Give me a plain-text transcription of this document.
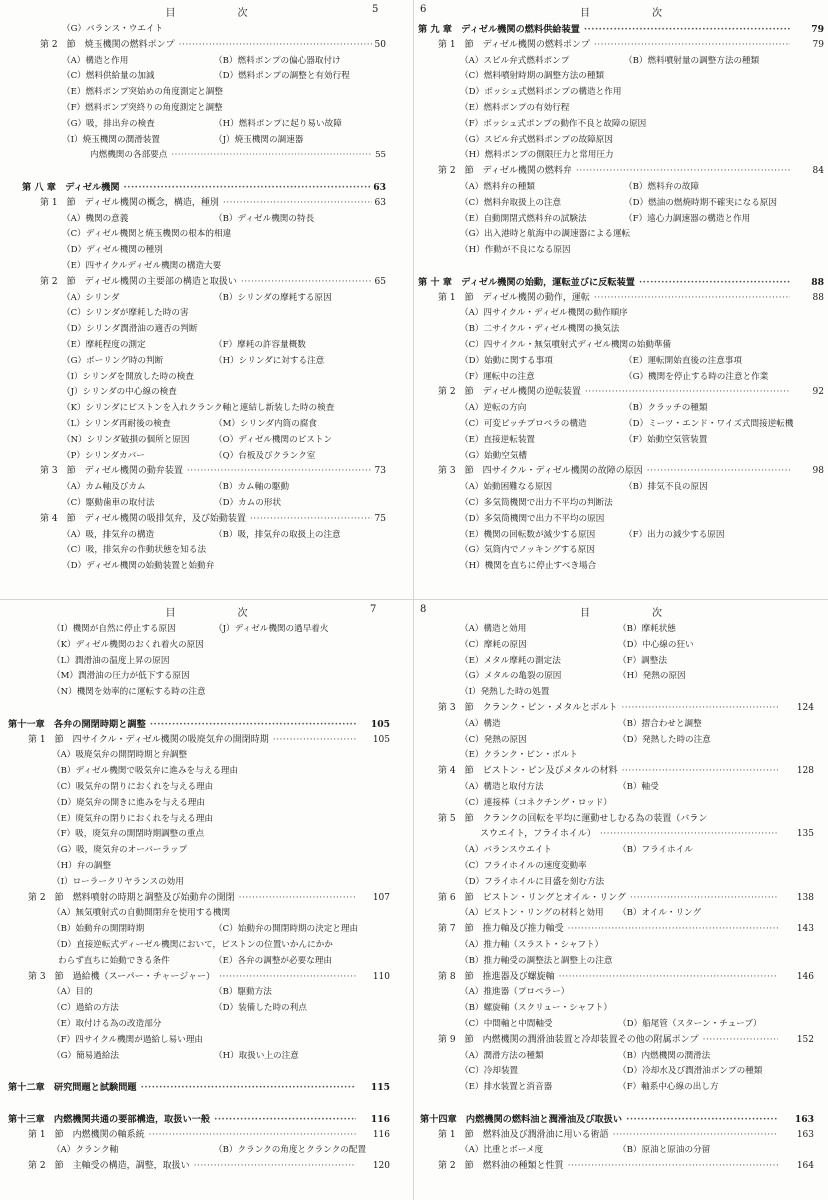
目　次	5
（G）バランス・ウエイト
第 2　節　焼玉機関の燃料ポンプ ·····	50
（A）構造と作用	（B）燃料ポンプの偏心器取付け
（C）燃料供給量の加減	（D）燃料ポンプの調整と有効行程
（E）燃料ポンプ突始めの角度測定と調整
（F）燃料ポンプ突終りの角度測定と調整
（G）吸，排出弁の検査	（H）燃料ポンプに起り易い故障
（I）焼玉機関の潤滑装置	（J）焼玉機関の調速器
内燃機関の各部要点 ·····	55
第 八 章　ディゼル機関 ·····	63
第 1　節　ディゼル機関の概念，構造，種別 ·····	63
（A）機関の意義	（B）ディゼル機関の特長
（C）ディゼル機関と焼玉機関の根本的相違
（D）ディゼル機関の種別
（E）四サイクルディゼル機関の構造大要
第 2　節　ディゼル機関の主要部の構造と取扱い ·····	65
（A）シリンダ	（B）シリンダの摩耗する原因
（C）シリンダが摩耗した時の害
（D）シリンダ潤滑油の適否の判断
（E）摩耗程度の測定	（F）摩耗の許容量概数
（G）ボーリング時の判断	（H）シリンダに対する注意
（I）シリンダを開放した時の検査
（J）シリンダの中心線の検査
（K）シリンダにピストンを入れクランク軸と連結し新装した時の検査
（L）シリンダ再耐後の検査	（M）シリンダ内筒の腐食
（N）シリンダ破損の個所と原因	（O）ディゼル機関のピストン
（P）シリンダカバー	（Q）台板及びクランク室
第 3　節　ディゼル機関の動弁装置 ·····	73
（A）カム軸及びカム	（B）カム軸の駆動
（C）駆動歯車の取付法	（D）カムの形状
第 4　節　ディゼル機関の吸排気弁，及び始動装置 ·····	75
（A）吸，排気弁の構造	（B）吸，排気弁の取扱上の注意
（C）吸，排気弁の作動状態を知る法
（D）ディゼル機関の始動装置と始動弁
目　次
6
第 九 章　ディゼル機関の燃料供給装置 ·····	79
第 1　節　ディゼル機関の燃料ポンプ ·····	79
（A）スピル弁式燃料ポンプ	（B）燃料噴射量の調整方法の種類
（C）燃料噴射時期の調整方法の種類
（D）ボッシュ式燃料ポンプの構造と作用
（E）燃料ポンプの有効行程
（F）ボッシュ式ポンプの動作不良と故障の原因
（G）スピル弁式燃料ポンプの故障原因
（H）燃料ポンプの側限圧力と常用圧力
第 2　節　ディゼル機関の燃料弁 ·····	84
（A）燃料弁の種類	（B）燃料弁の故障
（C）燃料弁取扱上の注意	（D）燃油の燃焼時期不確実になる原因
（E）自動開閉式燃料弁の試験法	（F）遠心力調速器の構造と作用
（G）出入港時と航海中の調速器による運転
（H）作動が不良になる原因
第 十 章　ディゼル機関の始動，運転並びに反転装置 ·····	88
第 1　節　ディゼル機関の動作，運転 ·····	88
（A）四サイクル・ディゼル機関の動作順序
（B）二サイクル・ディゼル機関の換気法
（C）四サイクル・無気噴射式ディゼル機関の始動準備
（D）始動に関する事項	（E）運転開始直後の注意事項
（F）運転中の注意	（G）機関を停止する時の注意と作業
第 2　節　ディゼル機関の逆転装置 ·····	92
（A）逆転の方向	（B）クラッチの種類
（C）可変ピッチプロペラの構造	（D）ミーツ・エンド・ワイズ式間接逆転機
（E）直接逆転装置	（F）始動空気管装置
（G）始動空気槽
第 3　節　四サイクル・ディゼル機関の故障の原因 ·····	98
（A）始動困難なる原因	（B）排気不良の原因
（C）多気筒機関で出力不平均の判断法
（D）多気筒機関で出力不平均の原因
（E）機関の回転数が減少する原因	（F）出力の減少する原因
（G）気筒内でノッキングする原因
（H）機関を直ちに停止すべき場合
目　次	7
（I）機関が自然に停止する原因	（J）ディゼル機関の過早着火
（K）ディゼル機関のおくれ着火の原因
（L）潤滑油の温度上昇の原因
（M）潤滑油の圧力が低下する原因
（N）機関を効率的に運転する時の注意
第十一章　各弁の開閉時期と調整 ·····	105
第 1　節　四サイクル・ディゼル機関の吸廃気弁の開閉時期 ·····	105
（A）吸廃気弁の開閉時期と弁調整
（B）ディゼル機関で吸気弁に進みを与える理由
（C）吸気弁の閉りにおくれを与える理由
（D）廃気弁の開きに進みを与える理由
（E）廃気弁の閉りにおくれを与える理由
（F）吸，廃気弁の開閉時期調整の重点
（G）吸，廃気弁のオーバーラップ
（H）弁の調整
（I）ローラークリヤランスの効用
第 2　節　燃料噴射の時期と調整及び始動弁の開閉 ·····	107
（A）無気噴射式の自動開閉弁を使用する機関
（B）始動弁の開閉時期	（C）始動弁の開閉時期の決定と理由
（D）直接逆転式ディーゼル機関において，ピストンの位置いかんにかか
わらず直ちに始動できる条件	（E）各弁の調整が必要な理由
第 3　節　過給機（スーパー・チャージャー） ·····	110
（A）目的	（B）駆動方法
（C）過給の方法	（D）装備した時の利点
（E）取付ける為の改造部分
（F）四サイクル機関が過給し易い理由
（G）簡易過給法	（H）取扱い上の注意
第十二章　研究問題と試験問題 ·····	115
第十三章　内燃機関共通の要部構造，取扱い一般 ·····	116
第 1　節　内燃機関の軸系統 ·····	116
（A）クランク軸	（B）クランクの角度とクランクの配置
第 2　節　主軸受の構造，調整，取扱い ·····	120
目　次
8
（A）構造と効用	（B）摩耗状態
（C）摩耗の原因	（D）中心線の狂い
（E）メタル摩耗の測定法	（F）調整法
（G）メタルの亀裂の原因	（H）発熱の原因
（I）発熱した時の処置
第 3　節　クランク・ピン・メタルとボルト ·····	124
（A）構造	（B）摺合わせと調整
（C）発熱の原因	（D）発熱した時の注意
（E）クランク・ピン・ボルト
第 4　節　ピストン・ピン及びメタルの材料 ·····	128
（A）構造と取付方法	（B）軸受
（C）連接棒（コネクチング・ロッド）
第 5　節　クランクの回転を平均に運動せしむる為の装置（バラン
スウエイト，フライホイル） ·····	135
（A）バランスウエイト	（B）フライホイル
（C）フライホイルの速度変動率
（D）フライホイルに目盛を刻む方法
第 6　節　ピストン・リングとオイル・リング ·····	138
（A）ピストン・リングの材料と効用 （B）オイル・リング
第 7　節　推力軸及び推力軸受 ·····	143
（A）推力軸（スラスト・シャフト）
（B）推力軸受の調整法と調整上の注意
第 8　節　推進器及び螺旋軸 ·····	146
（A）推進器（プロペラー）
（B）螺旋軸（スクリュー・シャフト）
（C）中間軸と中間軸受	（D）船尾管（スターン・チューブ）
第 9　節　内燃機関の潤滑油装置と冷却装置その他の附属ポンプ ·····	152
（A）潤滑方法の種類	（B）内燃機関の潤滑法
（C）冷却装置	（D）冷却水及び潤滑油ポンプの種類
（E）排水装置と消音器	（F）軸系中心線の出し方
第十四章　内燃機関の燃料油と潤滑油及び取扱い ·····	163
第 1　節　燃料油及び潤滑油に用いる術語 ·····	163
（A）比重とボーメ度	（B）原油と原油の分留
第 2　節　燃料油の種類と性質 ·····	164
